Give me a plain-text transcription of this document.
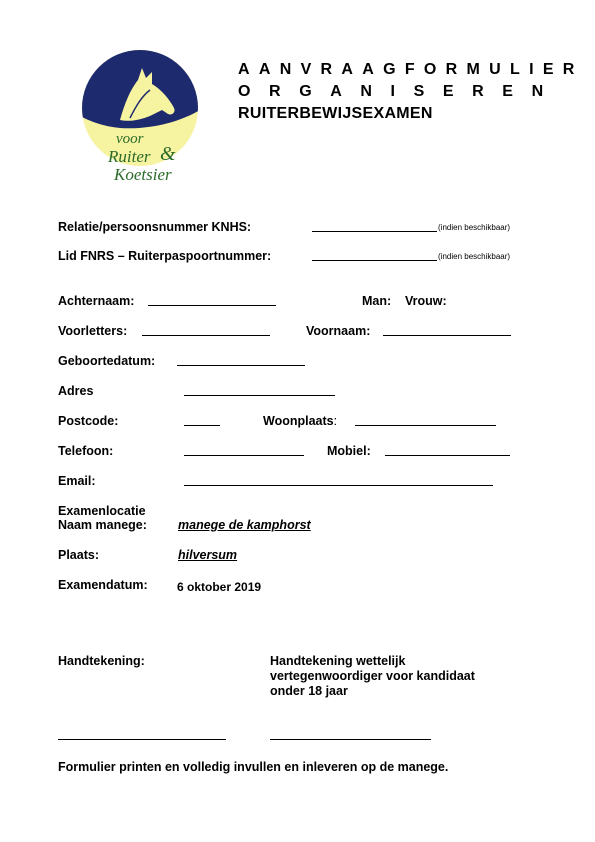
voor
Ruiter &
Koetsier
AANVRAAGFORMULIER
ORGANISEREN
RUITERBEWIJSEXAMEN
Relatie/persoonsnummer KNHS:	(indien beschikbaar)
Lid FNRS – Ruiterpaspoortnummer:	(indien beschikbaar)
Achternaam:	Man: Vrouw:
Voorletters:	Voornaam:
Geboortedatum:
Adres
Postcode:	Woonplaats:
Telefoon:	Mobiel:
Email:
Examenlocatie
Naam manege: manege de kamphorst
Plaats:	hilversum
Examendatum: 6 oktober 2019
Handtekening:	Handtekening wettelijk
vertegenwoordiger voor kandidaat
onder 18 jaar
Formulier printen en volledig invullen en inleveren op de manege.
